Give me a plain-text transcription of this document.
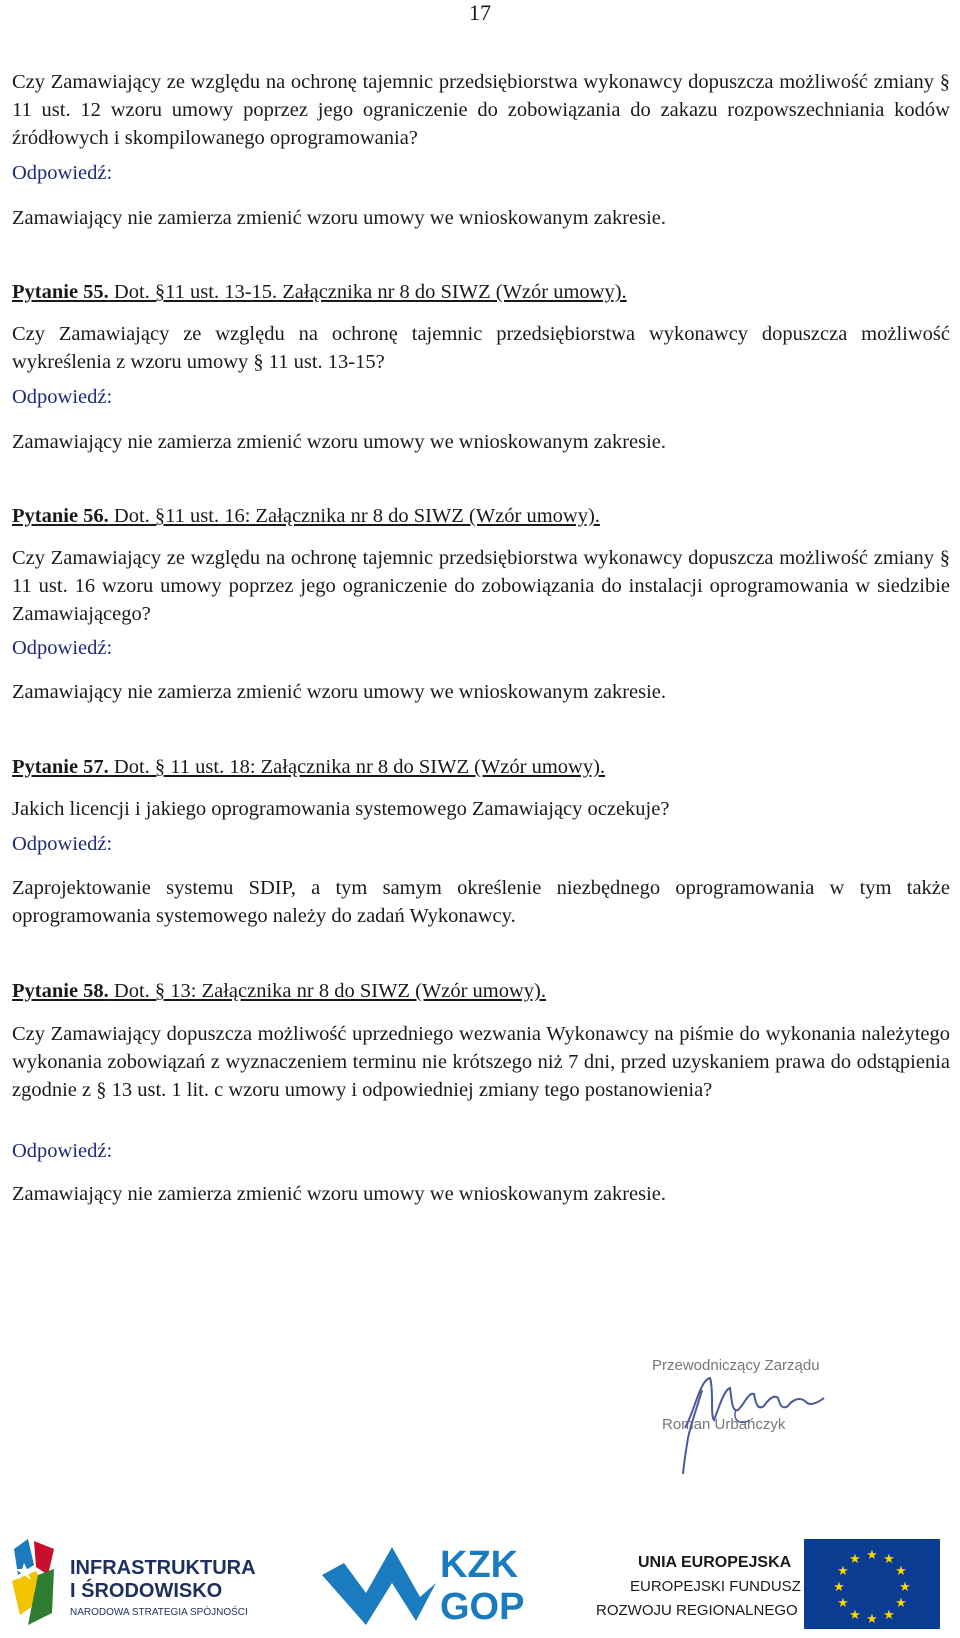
17
Czy Zamawiający ze względu na ochronę tajemnic przedsiębiorstwa wykonawcy dopuszcza możliwość zmiany § 11 ust. 12 wzoru umowy poprzez jego ograniczenie do zobowiązania do zakazu rozpowszechniania kodów źródłowych i skompilowanego oprogramowania?
Odpowiedź:
Zamawiający nie zamierza zmienić wzoru umowy we wnioskowanym zakresie.
Pytanie 55. Dot. §11 ust. 13-15. Załącznika nr 8 do SIWZ (Wzór umowy).
Czy Zamawiający ze względu na ochronę tajemnic przedsiębiorstwa wykonawcy dopuszcza możliwość wykreślenia z wzoru umowy § 11 ust. 13-15?
Odpowiedź:
Zamawiający nie zamierza zmienić wzoru umowy we wnioskowanym zakresie.
Pytanie 56. Dot. §11 ust. 16: Załącznika nr 8 do SIWZ (Wzór umowy).
Czy Zamawiający ze względu na ochronę tajemnic przedsiębiorstwa wykonawcy dopuszcza możliwość zmiany § 11 ust. 16 wzoru umowy poprzez jego ograniczenie do zobowiązania do instalacji oprogramowania w siedzibie Zamawiającego?
Odpowiedź:
Zamawiający nie zamierza zmienić wzoru umowy we wnioskowanym zakresie.
Pytanie 57. Dot. § 11 ust. 18: Załącznika nr 8 do SIWZ (Wzór umowy).
Jakich licencji i jakiego oprogramowania systemowego Zamawiający oczekuje?
Odpowiedź:
Zaprojektowanie systemu SDIP, a tym samym określenie niezbędnego oprogramowania w tym także oprogramowania systemowego należy do zadań Wykonawcy.
Pytanie 58. Dot. § 13: Załącznika nr 8 do SIWZ (Wzór umowy).
Czy Zamawiający dopuszcza możliwość uprzedniego wezwania Wykonawcy na piśmie do wykonania należytego wykonania zobowiązań z wyznaczeniem terminu nie krótszego niż 7 dni, przed uzyskaniem prawa do odstąpienia zgodnie z § 13 ust. 1 lit. c wzoru umowy i odpowiedniej zmiany tego postanowienia?
Odpowiedź:
Zamawiający nie zamierza zmienić wzoru umowy we wnioskowanym zakresie.
Przewodniczący Zarządu
Roman Urbańczyk
INFRASTRUKTURA
I ŚRODOWISKO
NARODOWA STRATEGIA SPÓJNOŚCI
KZK
GOP
UNIA EUROPEJSKA
EUROPEJSKI FUNDUSZ
ROZWOJU REGIONALNEGO
★ ★
★
★
★
★
★
★
★
★
★
★
